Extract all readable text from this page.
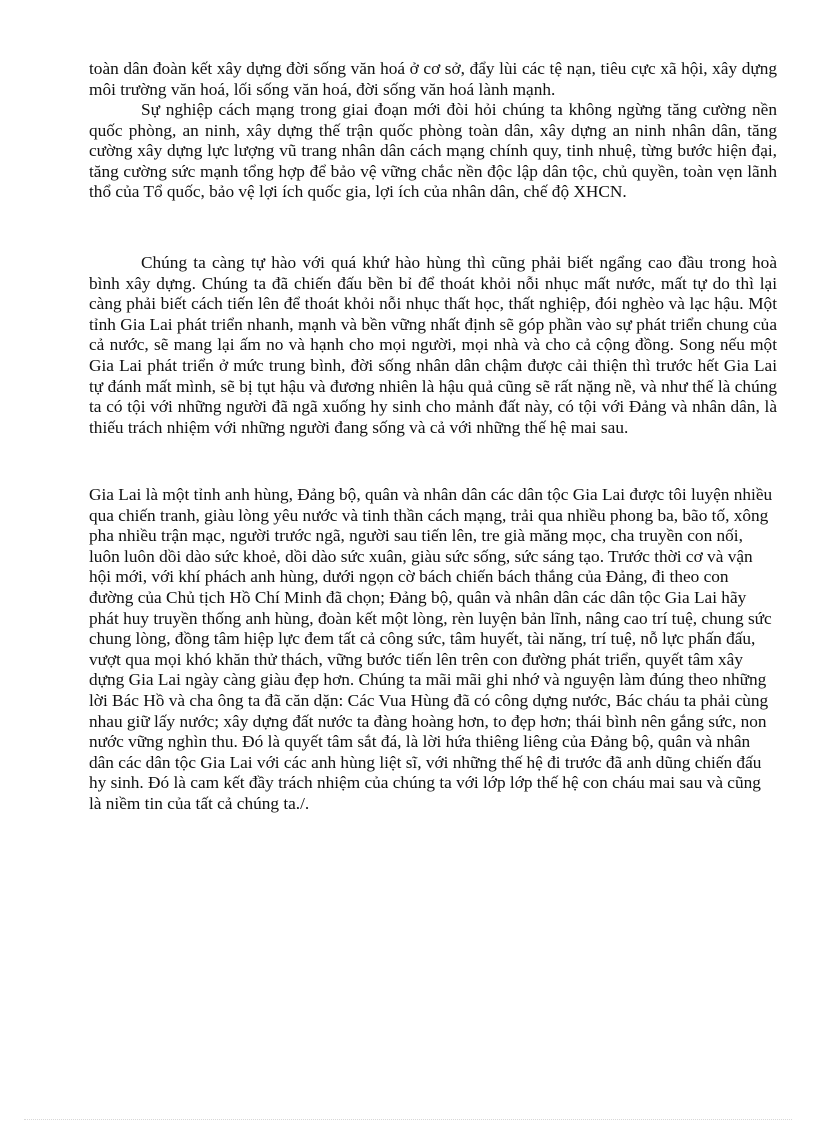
toàn dân đoàn kết xây dựng đời sống văn hoá ở cơ sở, đẩy lùi các tệ nạn, tiêu cực xã hội, xây dựng môi trường văn hoá, lối sống văn hoá, đời sống văn hoá lành mạnh.

Sự nghiệp cách mạng trong giai đoạn mới đòi hỏi chúng ta không ngừng tăng cường nền quốc phòng, an ninh, xây dựng thế trận quốc phòng toàn dân, xây dựng an ninh nhân dân, tăng cường xây dựng lực lượng vũ trang nhân dân cách mạng chính quy, tinh nhuệ, từng bước hiện đại, tăng cường sức mạnh tổng hợp để bảo vệ vững chắc nền độc lập dân tộc, chủ quyền, toàn vẹn lãnh thổ của Tổ quốc, bảo vệ lợi ích quốc gia, lợi ích của nhân dân, chế độ XHCN.

Chúng ta càng tự hào với quá khứ hào hùng thì cũng phải biết ngẩng cao đầu trong hoà bình xây dựng. Chúng ta đã chiến đấu bền bỉ để thoát khỏi nỗi nhục mất nước, mất tự do thì lại càng phải biết cách tiến lên để thoát khỏi nỗi nhục thất học, thất nghiệp, đói nghèo và lạc hậu. Một tỉnh Gia Lai phát triển nhanh, mạnh và bền vững nhất định sẽ góp phần vào sự phát triển chung của cả nước, sẽ mang lại ấm no và hạnh cho mọi người, mọi nhà và cho cả cộng đồng. Song nếu một Gia Lai phát triển ở mức trung bình, đời sống nhân dân chậm được cải thiện thì trước hết Gia Lai tự đánh mất mình, sẽ bị tụt hậu và đương nhiên là hậu quả cũng sẽ rất nặng nề, và như thế là chúng ta có tội với những người đã ngã xuống hy sinh cho mảnh đất này, có tội với Đảng và nhân dân, là thiếu trách nhiệm với những người đang sống và cả với những thế hệ mai sau.

Gia Lai là một tỉnh anh hùng, Đảng bộ, quân và nhân dân các dân tộc Gia Lai được tôi luyện nhiều qua chiến tranh, giàu lòng yêu nước và tinh thần cách mạng, trải qua nhiều phong ba, bão tố, xông pha nhiều trận mạc, người trước ngã, người sau tiến lên, tre già măng mọc, cha truyền con nối, luôn luôn dồi dào sức khoẻ, dồi dào sức xuân, giàu sức sống, sức sáng tạo. Trước thời cơ và vận hội mới, với khí phách anh hùng, dưới ngọn cờ bách chiến bách thắng của Đảng, đi theo con đường của Chủ tịch Hồ Chí Minh đã chọn; Đảng bộ, quân và nhân dân các dân tộc Gia Lai hãy phát huy truyền thống anh hùng, đoàn kết một lòng, rèn luyện bản lĩnh, nâng cao trí tuệ, chung sức chung lòng, đồng tâm hiệp lực đem tất cả công sức, tâm huyết, tài năng, trí tuệ, nỗ lực phấn đấu, vượt qua mọi khó khăn thử thách, vững bước tiến lên trên con đường phát triển, quyết tâm xây dựng Gia Lai ngày càng giàu đẹp hơn. Chúng ta mãi mãi ghi nhớ và nguyện làm đúng theo những lời Bác Hồ và cha ông ta đã căn dặn: Các Vua Hùng đã có công dựng nước, Bác cháu ta phải cùng nhau giữ lấy nước; xây dựng đất nước ta đàng hoàng hơn, to đẹp hơn; thái bình nên gắng sức, non nước vững nghìn thu. Đó là quyết tâm sắt đá, là lời hứa thiêng liêng của Đảng bộ, quân và nhân dân các dân tộc Gia Lai với các anh hùng liệt sĩ, với những thế hệ đi trước đã anh dũng chiến đấu hy sinh. Đó là cam kết đầy trách nhiệm của chúng ta với lớp lớp thế hệ con cháu mai sau và cũng là niềm tin của tất cả chúng ta./.
